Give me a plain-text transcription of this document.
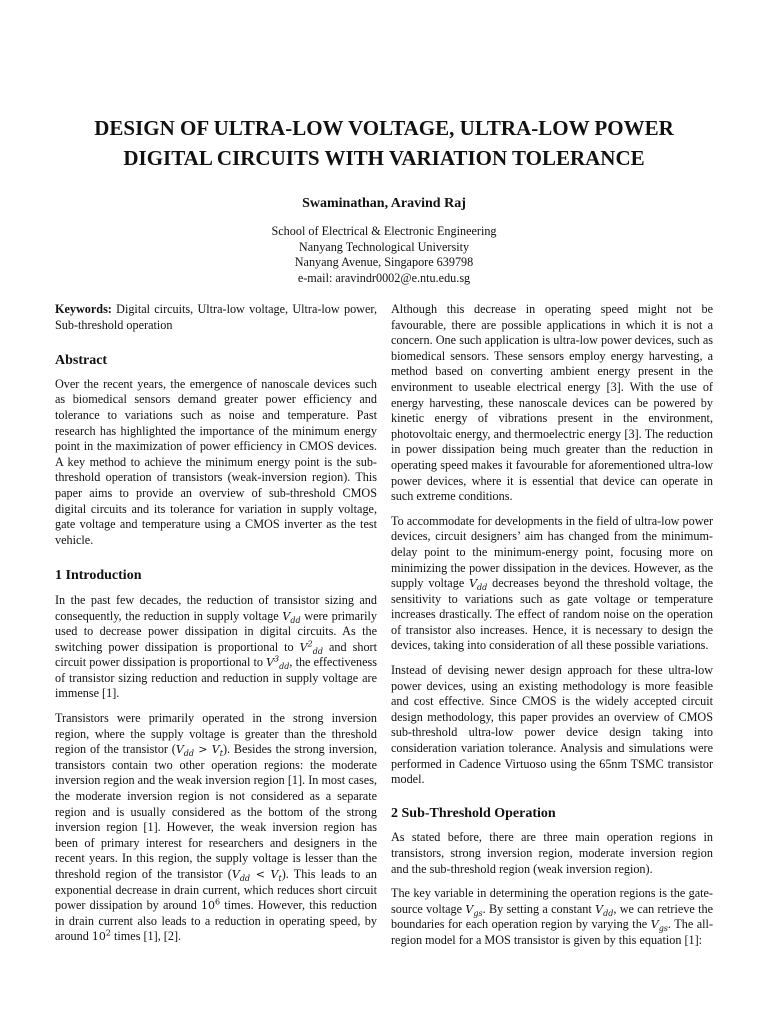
DESIGN OF ULTRA-LOW VOLTAGE, ULTRA-LOW POWER
DIGITAL CIRCUITS WITH VARIATION TOLERANCE
Swaminathan, Aravind Raj
School of Electrical & Electronic Engineering
Nanyang Technological University
Nanyang Avenue, Singapore 639798
e-mail: aravindr0002@e.ntu.edu.sg

Keywords: Digital circuits, Ultra-low voltage, Ultra-low power, Sub-threshold operation

Abstract

Over the recent years, the emergence of nanoscale devices such as biomedical sensors demand greater power efficiency and tolerance to variations such as noise and temperature. Past research has highlighted the importance of the minimum energy point in the maximization of power efficiency in CMOS devices. A key method to achieve the minimum energy point is the sub-threshold operation of transistors (weak-inversion region). This paper aims to provide an overview of sub-threshold CMOS digital circuits and its tolerance for variation in supply voltage, gate voltage and temperature using a CMOS inverter as the test vehicle.

1 Introduction

In the past few decades, the reduction of transistor sizing and consequently, the reduction in supply voltage $V_{dd}$ were primarily used to decrease power dissipation in digital circuits. As the switching power dissipation is proportional to $V^2_{dd}$ and short circuit power dissipation is proportional to $V^3_{dd}$, the effectiveness of transistor sizing reduction and reduction in supply voltage are immense [1].

Transistors were primarily operated in the strong inversion region, where the supply voltage is greater than the threshold region of the transistor $(V_{dd} > V_t)$. Besides the strong inversion, transistors contain two other operation regions: the moderate inversion region and the weak inversion region [1]. In most cases, the moderate inversion region is not considered as a separate region and is usually considered as the bottom of the strong inversion region [1]. However, the weak inversion region has been of primary interest for researchers and designers in the recent years. In this region, the supply voltage is lesser than the threshold region of the transistor $(V_{dd} < V_t)$. This leads to an exponential decrease in drain current, which reduces short circuit power dissipation by around $10^6$ times. However, this reduction in drain current also leads to a reduction in operating speed, by around $10^2$ times [1], [2].

Although this decrease in operating speed might not be favourable, there are possible applications in which it is not a concern. One such application is ultra-low power devices, such as biomedical sensors. These sensors employ energy harvesting, a method based on converting ambient energy present in the environment to useable electrical energy [3]. With the use of energy harvesting, these nanoscale devices can be powered by kinetic energy of vibrations present in the environment, photovoltaic energy, and thermoelectric energy [3]. The reduction in power dissipation being much greater than the reduction in operating speed makes it favourable for aforementioned ultra-low power devices, where it is essential that device can operate in such extreme conditions.

To accommodate for developments in the field of ultra-low power devices, circuit designers’ aim has changed from the minimum-delay point to the minimum-energy point, focusing more on minimizing the power dissipation in the devices. However, as the supply voltage $V_{dd}$ decreases beyond the threshold voltage, the sensitivity to variations such as gate voltage or temperature increases drastically. The effect of random noise on the operation of transistor also increases. Hence, it is necessary to design the devices, taking into consideration of all these possible variations.

Instead of devising newer design approach for these ultra-low power devices, using an existing methodology is more feasible and cost effective. Since CMOS is the widely accepted circuit design methodology, this paper provides an overview of CMOS sub-threshold ultra-low power device design taking into consideration variation tolerance. Analysis and simulations were performed in Cadence Virtuoso using the 65nm TSMC transistor model.

2 Sub-Threshold Operation

As stated before, there are three main operation regions in transistors, strong inversion region, moderate inversion region and the sub-threshold region (weak inversion region).

The key variable in determining the operation regions is the gate-source voltage $V_{gs}$. By setting a constant $V_{dd}$, we can retrieve the boundaries for each operation region by varying the $V_{gs}$. The all-region model for a MOS transistor is given by this equation [1]:
